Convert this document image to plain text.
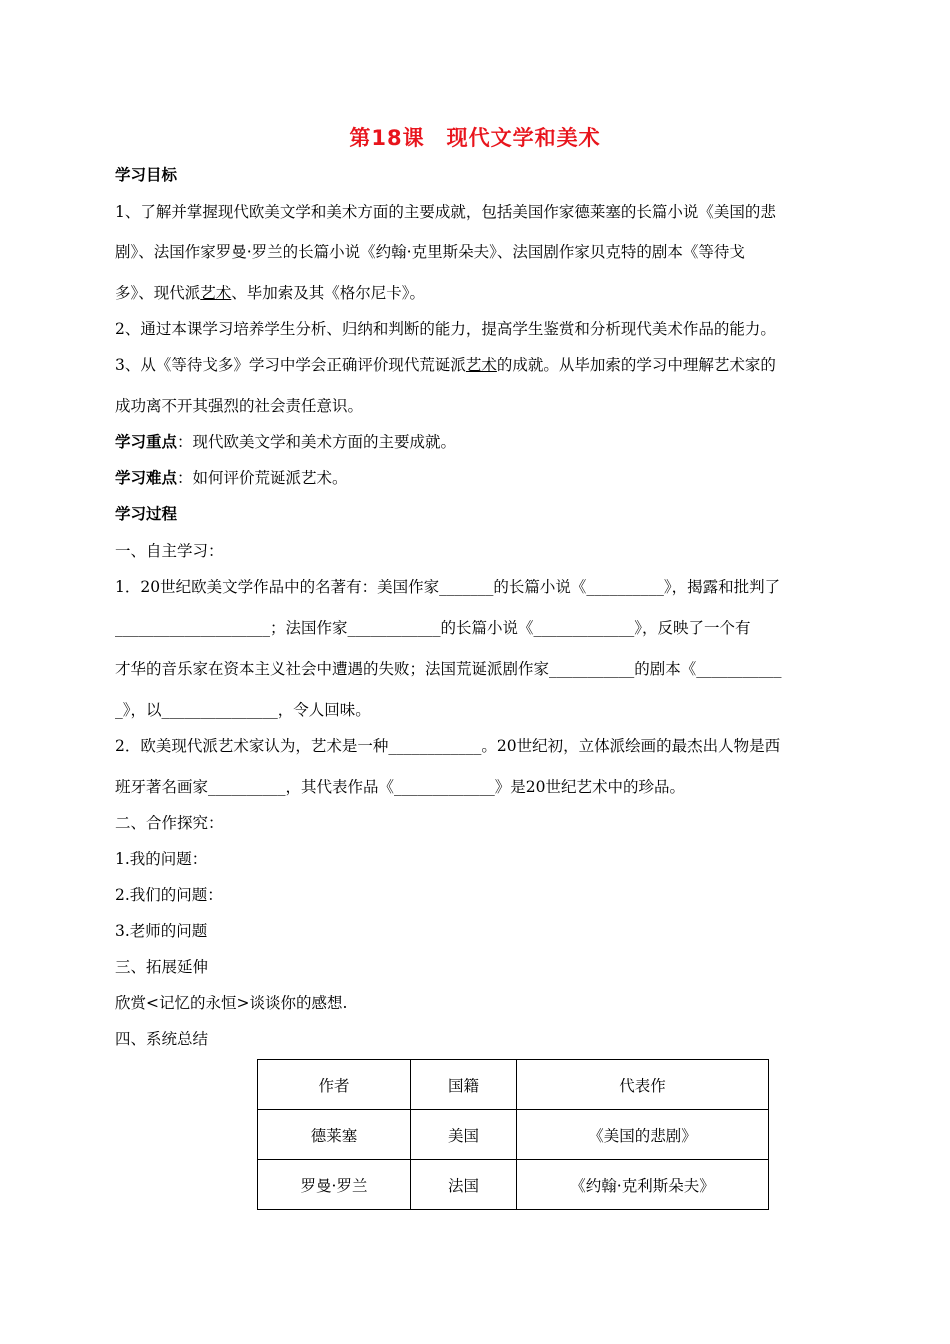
第18课　现代文学和美术
学习目标
1、了解并掌握现代欧美文学和美术方面的主要成就，包括美国作家德莱塞的长篇小说《美国的悲
剧》、法国作家罗曼·罗兰的长篇小说《约翰·克里斯朵夫》、法国剧作家贝克特的剧本《等待戈
多》、现代派艺术、毕加索及其《格尔尼卡》。
2、通过本课学习培养学生分析、归纳和判断的能力，提高学生鉴赏和分析现代美术作品的能力。
3、从《等待戈多》学习中学会正确评价现代荒诞派艺术的成就。从毕加索的学习中理解艺术家的
成功离不开其强烈的社会责任意识。
学习重点：现代欧美文学和美术方面的主要成就。
学习难点：如何评价荒诞派艺术。
学习过程
一、自主学习：
1．20世纪欧美文学作品中的名著有：美国作家_______的长篇小说《__________》，揭露和批判了
____________________；法国作家____________的长篇小说《_____________》，反映了一个有
才华的音乐家在资本主义社会中遭遇的失败；法国荒诞派剧作家___________的剧本《___________
_》，以_______________，令人回味。
2．欧美现代派艺术家认为，艺术是一种____________。20世纪初，立体派绘画的最杰出人物是西
班牙著名画家__________，其代表作品《_____________》是20世纪艺术中的珍品。
二、合作探究：
1.我的问题：
2.我们的问题：
3.老师的问题
三、拓展延伸
欣赏<记忆的永恒>谈谈你的感想.
四、系统总结
作者	国籍	代表作
德莱塞	美国	《美国的悲剧》
罗曼·罗兰	法国	《约翰·克利斯朵夫》
